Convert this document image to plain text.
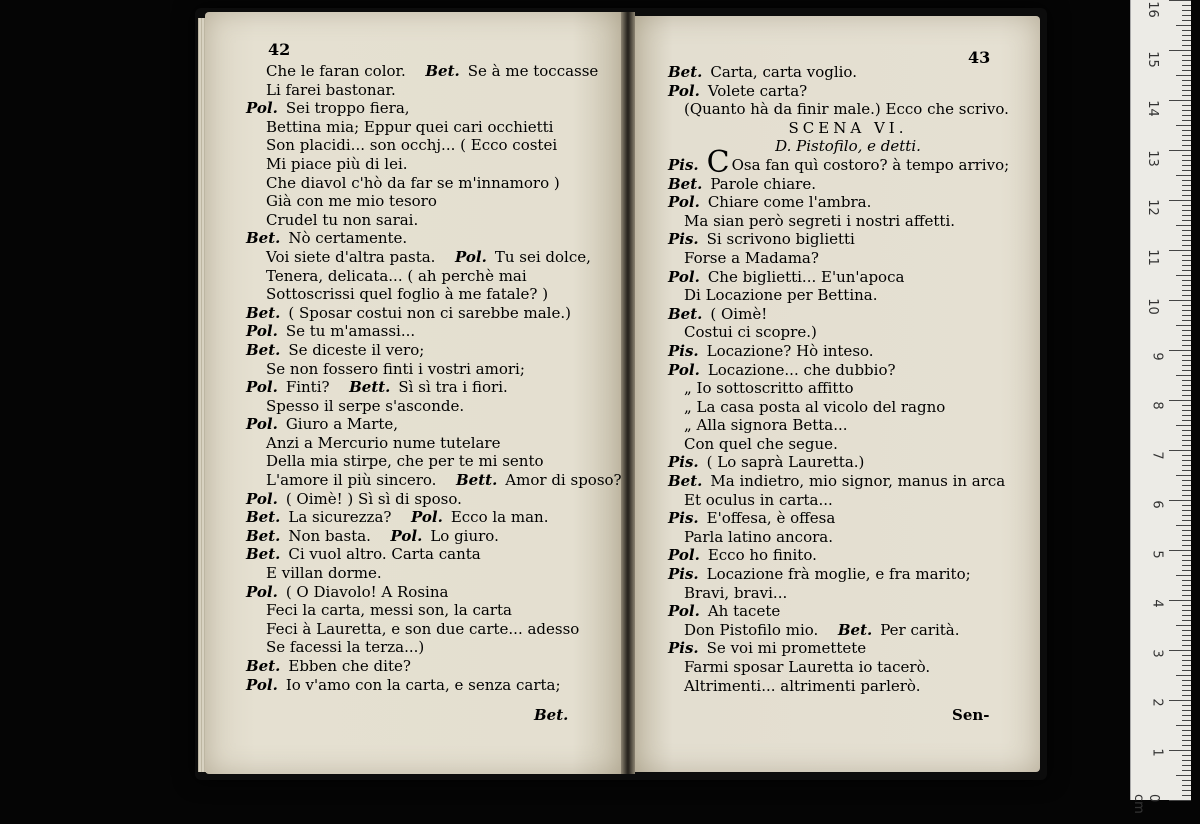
42	43
Che le faran color. Bet. Se à me toccasse
Li farei bastonar.
Pol. Sei troppo fiera,
Bettina mia; Eppur quei cari occhietti
Son placidi... son occhj... ( Ecco costei
Mi piace più di lei.
Che diavol c'hò da far se m'innamoro )
Già con me mio tesoro
Crudel tu non sarai.
Bet. Nò certamente.
Voi siete d'altra pasta. Pol. Tu sei dolce,
Tenera, delicata... ( ah perchè mai
Sottoscrissi quel foglio à me fatale? )
Bet. ( Sposar costui non ci sarebbe male.)
Pol. Se tu m'amassi...
Bet. Se diceste il vero;
Se non fossero finti i vostri amori;
Pol. Finti? Bett. Sì sì tra i fiori.
Spesso il serpe s'asconde.
Pol. Giuro a Marte,
Anzi a Mercurio nume tutelare
Della mia stirpe, che per te mi sento
L'amore il più sincero. Bett. Amor di sposo?
Pol. ( Oimè! ) Sì sì di sposo.
Bet. La sicurezza? Pol. Ecco la man.
Bet. Non basta. Pol. Lo giuro.
Bet. Ci vuol altro. Carta canta
E villan dorme.
Pol. ( O Diavolo! A Rosina
Feci la carta, messi son, la carta
Feci à Lauretta, e son due carte... adesso
Se facessi la terza...)
Bet. Ebben che dite?
Pol. Io v'amo con la carta, e senza carta;
Bet.
Bet. Carta, carta voglio.
Pol. Volete carta?
(Quanto hà da finir male.) Ecco che scrivo.
SCENA VI.
D. Pistofilo, e detti.
Pis. C Osa fan quì costoro? à tempo arrivo;
Bet. Parole chiare.
Pol. Chiare come l'ambra.
Ma sian però segreti i nostri affetti.
Pis. Si scrivono biglietti
Forse a Madama?
Pol. Che biglietti... E'un'apoca
Di Locazione per Bettina.
Bet. ( Oimè!
Costui ci scopre.)
Pis. Locazione? Hò inteso.
Pol. Locazione... che dubbio?
„ Io sottoscritto affitto
„ La casa posta al vicolo del ragno
„ Alla signora Betta...
Con quel che segue.
Pis. ( Lo saprà Lauretta.)
Bet. Ma indietro, mio signor, manus in arca
Et oculus in carta...
Pis. E'offesa, è offesa
Parla latino ancora.
Pol. Ecco ho finito.
Pis. Locazione frà moglie, e fra marito;
Bravi, bravi...
Pol. Ah tacete
Don Pistofilo mio. Bet. Per carità.
Pis. Se voi mi promettete
Farmi sposar Lauretta io tacerò.
Altrimenti... altrimenti parlerò.
Sen-
16
15
14
13
12
11
10
9
8
7
6
5
4
3
2
1
0 cm
